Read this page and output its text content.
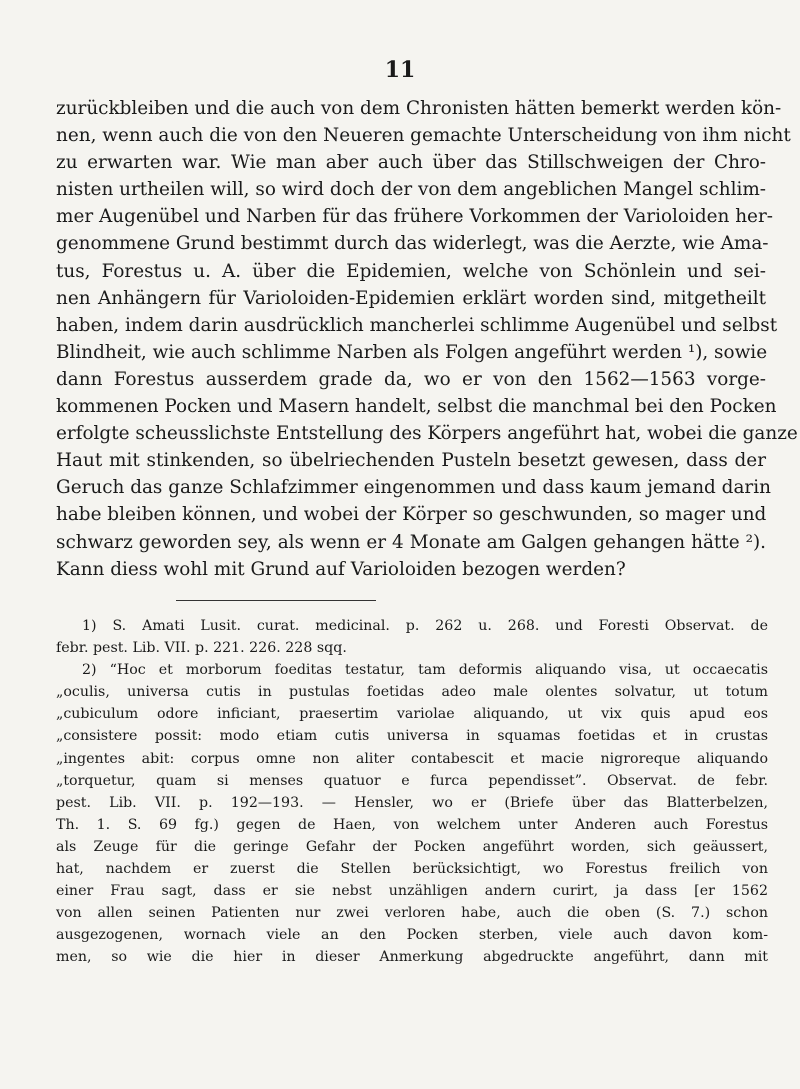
11
zurückbleiben und die auch von dem Chronisten hätten bemerkt werden kön-
nen, wenn auch die von den Neueren gemachte Unterscheidung von ihm nicht
zu erwarten war. Wie man aber auch über das Stillschweigen der Chro-
nisten urtheilen will, so wird doch der von dem angeblichen Mangel schlim-
mer Augenübel und Narben für das frühere Vorkommen der Varioloiden her-
genommene Grund bestimmt durch das widerlegt, was die Aerzte, wie Ama-
tus, Forestus u. A. über die Epidemien, welche von Schönlein und sei-
nen Anhängern für Varioloiden-Epidemien erklärt worden sind, mitgetheilt
haben, indem darin ausdrücklich mancherlei schlimme Augenübel und selbst
Blindheit, wie auch schlimme Narben als Folgen angeführt werden ¹), sowie
dann Forestus ausserdem grade da, wo er von den 1562—1563 vorge-
kommenen Pocken und Masern handelt, selbst die manchmal bei den Pocken
erfolgte scheusslichste Entstellung des Körpers angeführt hat, wobei die ganze
Haut mit stinkenden, so übelriechenden Pusteln besetzt gewesen, dass der
Geruch das ganze Schlafzimmer eingenommen und dass kaum jemand darin
habe bleiben können, und wobei der Körper so geschwunden, so mager und
schwarz geworden sey, als wenn er 4 Monate am Galgen gehangen hätte ²).
Kann diess wohl mit Grund auf Varioloiden bezogen werden?
1) S. Amati Lusit. curat. medicinal. p. 262 u. 268. und Foresti Observat. de
febr. pest. Lib. VII. p. 221. 226. 228 sqq.
2) “Hoc et morborum foeditas testatur, tam deformis aliquando visa, ut occaecatis
„oculis, universa cutis in pustulas foetidas adeo male olentes solvatur, ut totum
„cubiculum odore inficiant, praesertim variolae aliquando, ut vix quis apud eos
„consistere possit: modo etiam cutis universa in squamas foetidas et in crustas
„ingentes abit: corpus omne non aliter contabescit et macie nigroreque aliquando
„torquetur, quam si menses quatuor e furca pependisset”. Observat. de febr.
pest. Lib. VII. p. 192—193. — Hensler, wo er (Briefe über das Blatterbelzen,
Th. 1. S. 69 fg.) gegen de Haen, von welchem unter Anderen auch Forestus
als Zeuge für die geringe Gefahr der Pocken angeführt worden, sich geäussert,
hat, nachdem er zuerst die Stellen berücksichtigt, wo Forestus freilich von
einer Frau sagt, dass er sie nebst unzähligen andern curirt, ja dass [er 1562
von allen seinen Patienten nur zwei verloren habe, auch die oben (S. 7.) schon
ausgezogenen, wornach viele an den Pocken sterben, viele auch davon kom-
men, so wie die hier in dieser Anmerkung abgedruckte angeführt, dann mit
